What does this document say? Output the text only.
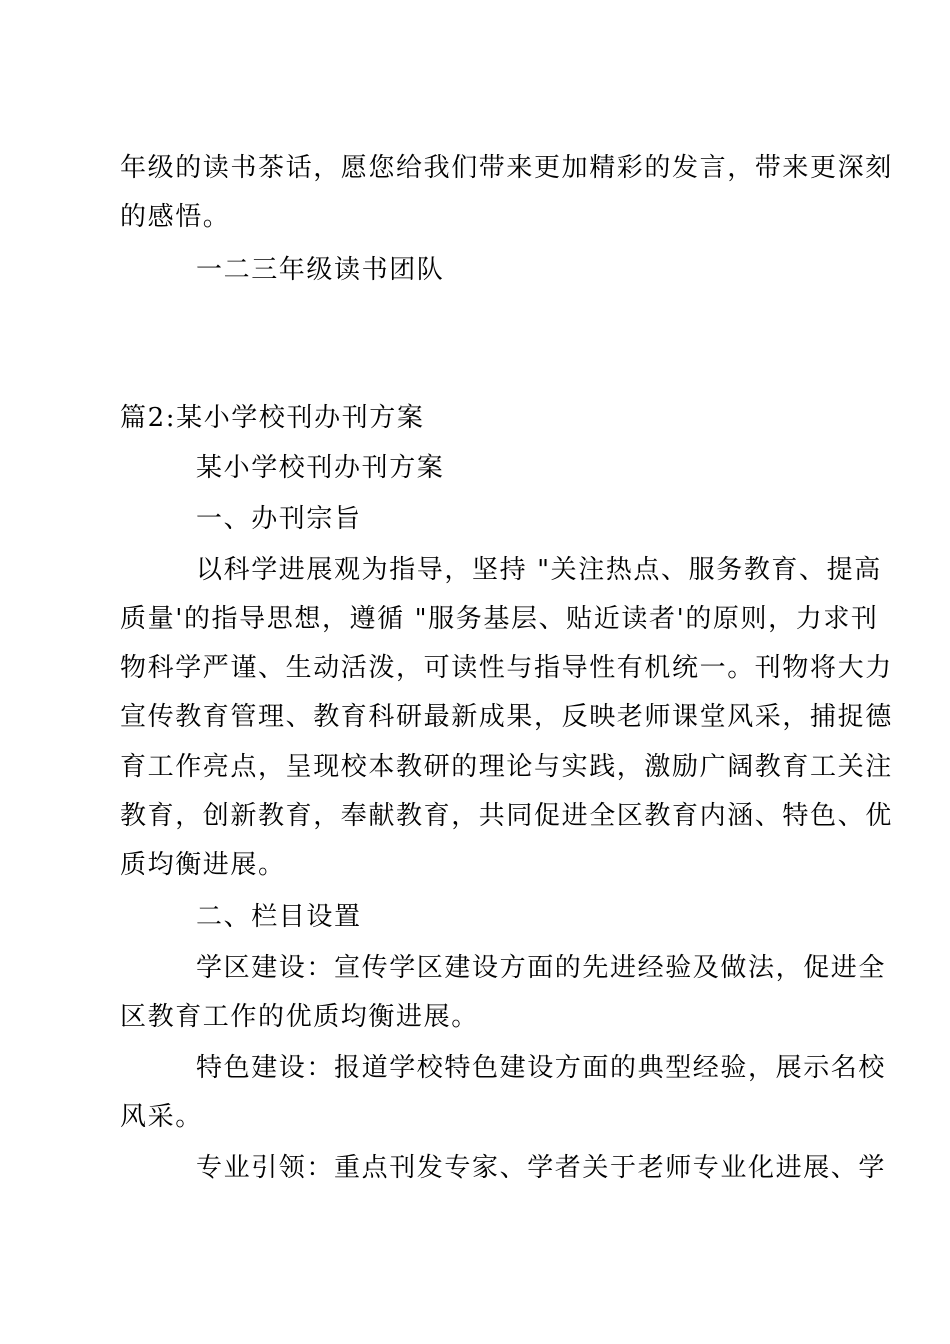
年级的读书茶话，愿您给我们带来更加精彩的发言，带来更深刻
的感悟。
一二三年级读书团队
篇2:某小学校刊办刊方案
某小学校刊办刊方案
一、办刊宗旨
以科学进展观为指导，坚持 "关注热点、服务教育、提高
质量'的指导思想，遵循 "服务基层、贴近读者'的原则，力求刊
物科学严谨、生动活泼，可读性与指导性有机统一。刊物将大力
宣传教育管理、教育科研最新成果，反映老师课堂风采，捕捉德
育工作亮点，呈现校本教研的理论与实践，激励广阔教育工关注
教育，创新教育，奉献教育，共同促进全区教育内涵、特色、优
质均衡进展。
二、栏目设置
学区建设：宣传学区建设方面的先进经验及做法，促进全
区教育工作的优质均衡进展。
特色建设：报道学校特色建设方面的典型经验，展示名校
风采。
专业引领：重点刊发专家、学者关于老师专业化进展、学
